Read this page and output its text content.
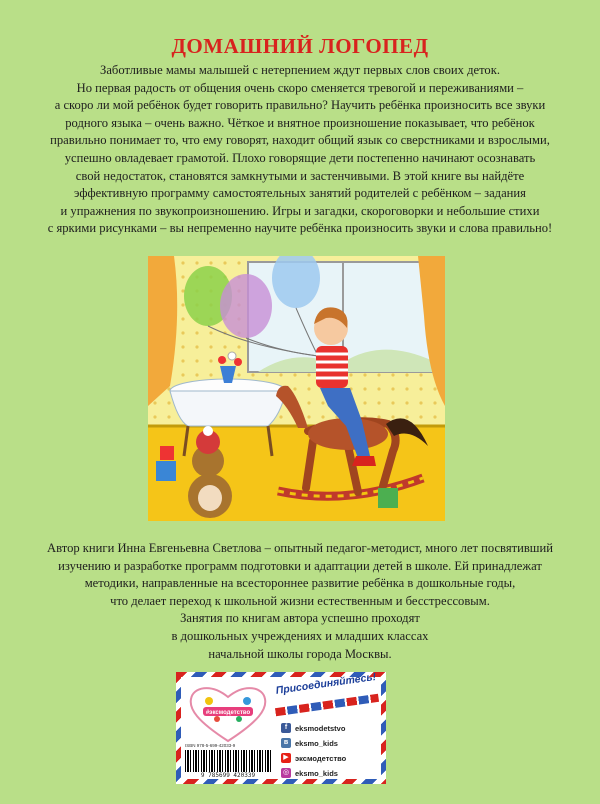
ДОМАШНИЙ ЛОГОПЕД
Заботливые мамы малышей с нетерпением ждут первых слов своих деток.
Но первая радость от общения очень скоро сменяется тревогой и переживаниями –
а скоро ли мой ребёнок будет говорить правильно? Научить ребёнка произносить все звуки
родного языка – очень важно. Чёткое и внятное произношение показывает, что ребёнок
правильно понимает то, что ему говорят, находит общий язык со сверстниками и взрослыми,
успешно овладевает грамотой. Плохо говорящие дети постепенно начинают осознавать
свой недостаток, становятся замкнутыми и застенчивыми. В этой книге вы найдёте
эффективную программу самостоятельных занятий родителей с ребёнком – задания
и упражнения по звукопроизношению. Игры и загадки, скороговорки и небольшие стихи
с яркими рисунками – вы непременно научите ребёнка произносить звуки и слова правильно!
Автор книги Инна Евгеньевна Светлова – опытный педагог-методист, много лет посвятивший
изучению и разработке программ подготовки и адаптации детей в школе. Ей принадлежат
методики, направленные на всестороннее развитие ребёнка в дошкольные годы,
что делает переход к школьной жизни естественным и бесстрессовым.
Занятия по книгам автора успешно проходят
в дошкольных учреждениях и младших классах
начальной школы города Москвы.
#эксмодетство
ISBN 978-5-699-42033-9
9 785699 420339
Присоединяйтесь!
f	eksmodetstvo
в eksmo_kids
▶ эксмодетство
◎ eksmo_kids
